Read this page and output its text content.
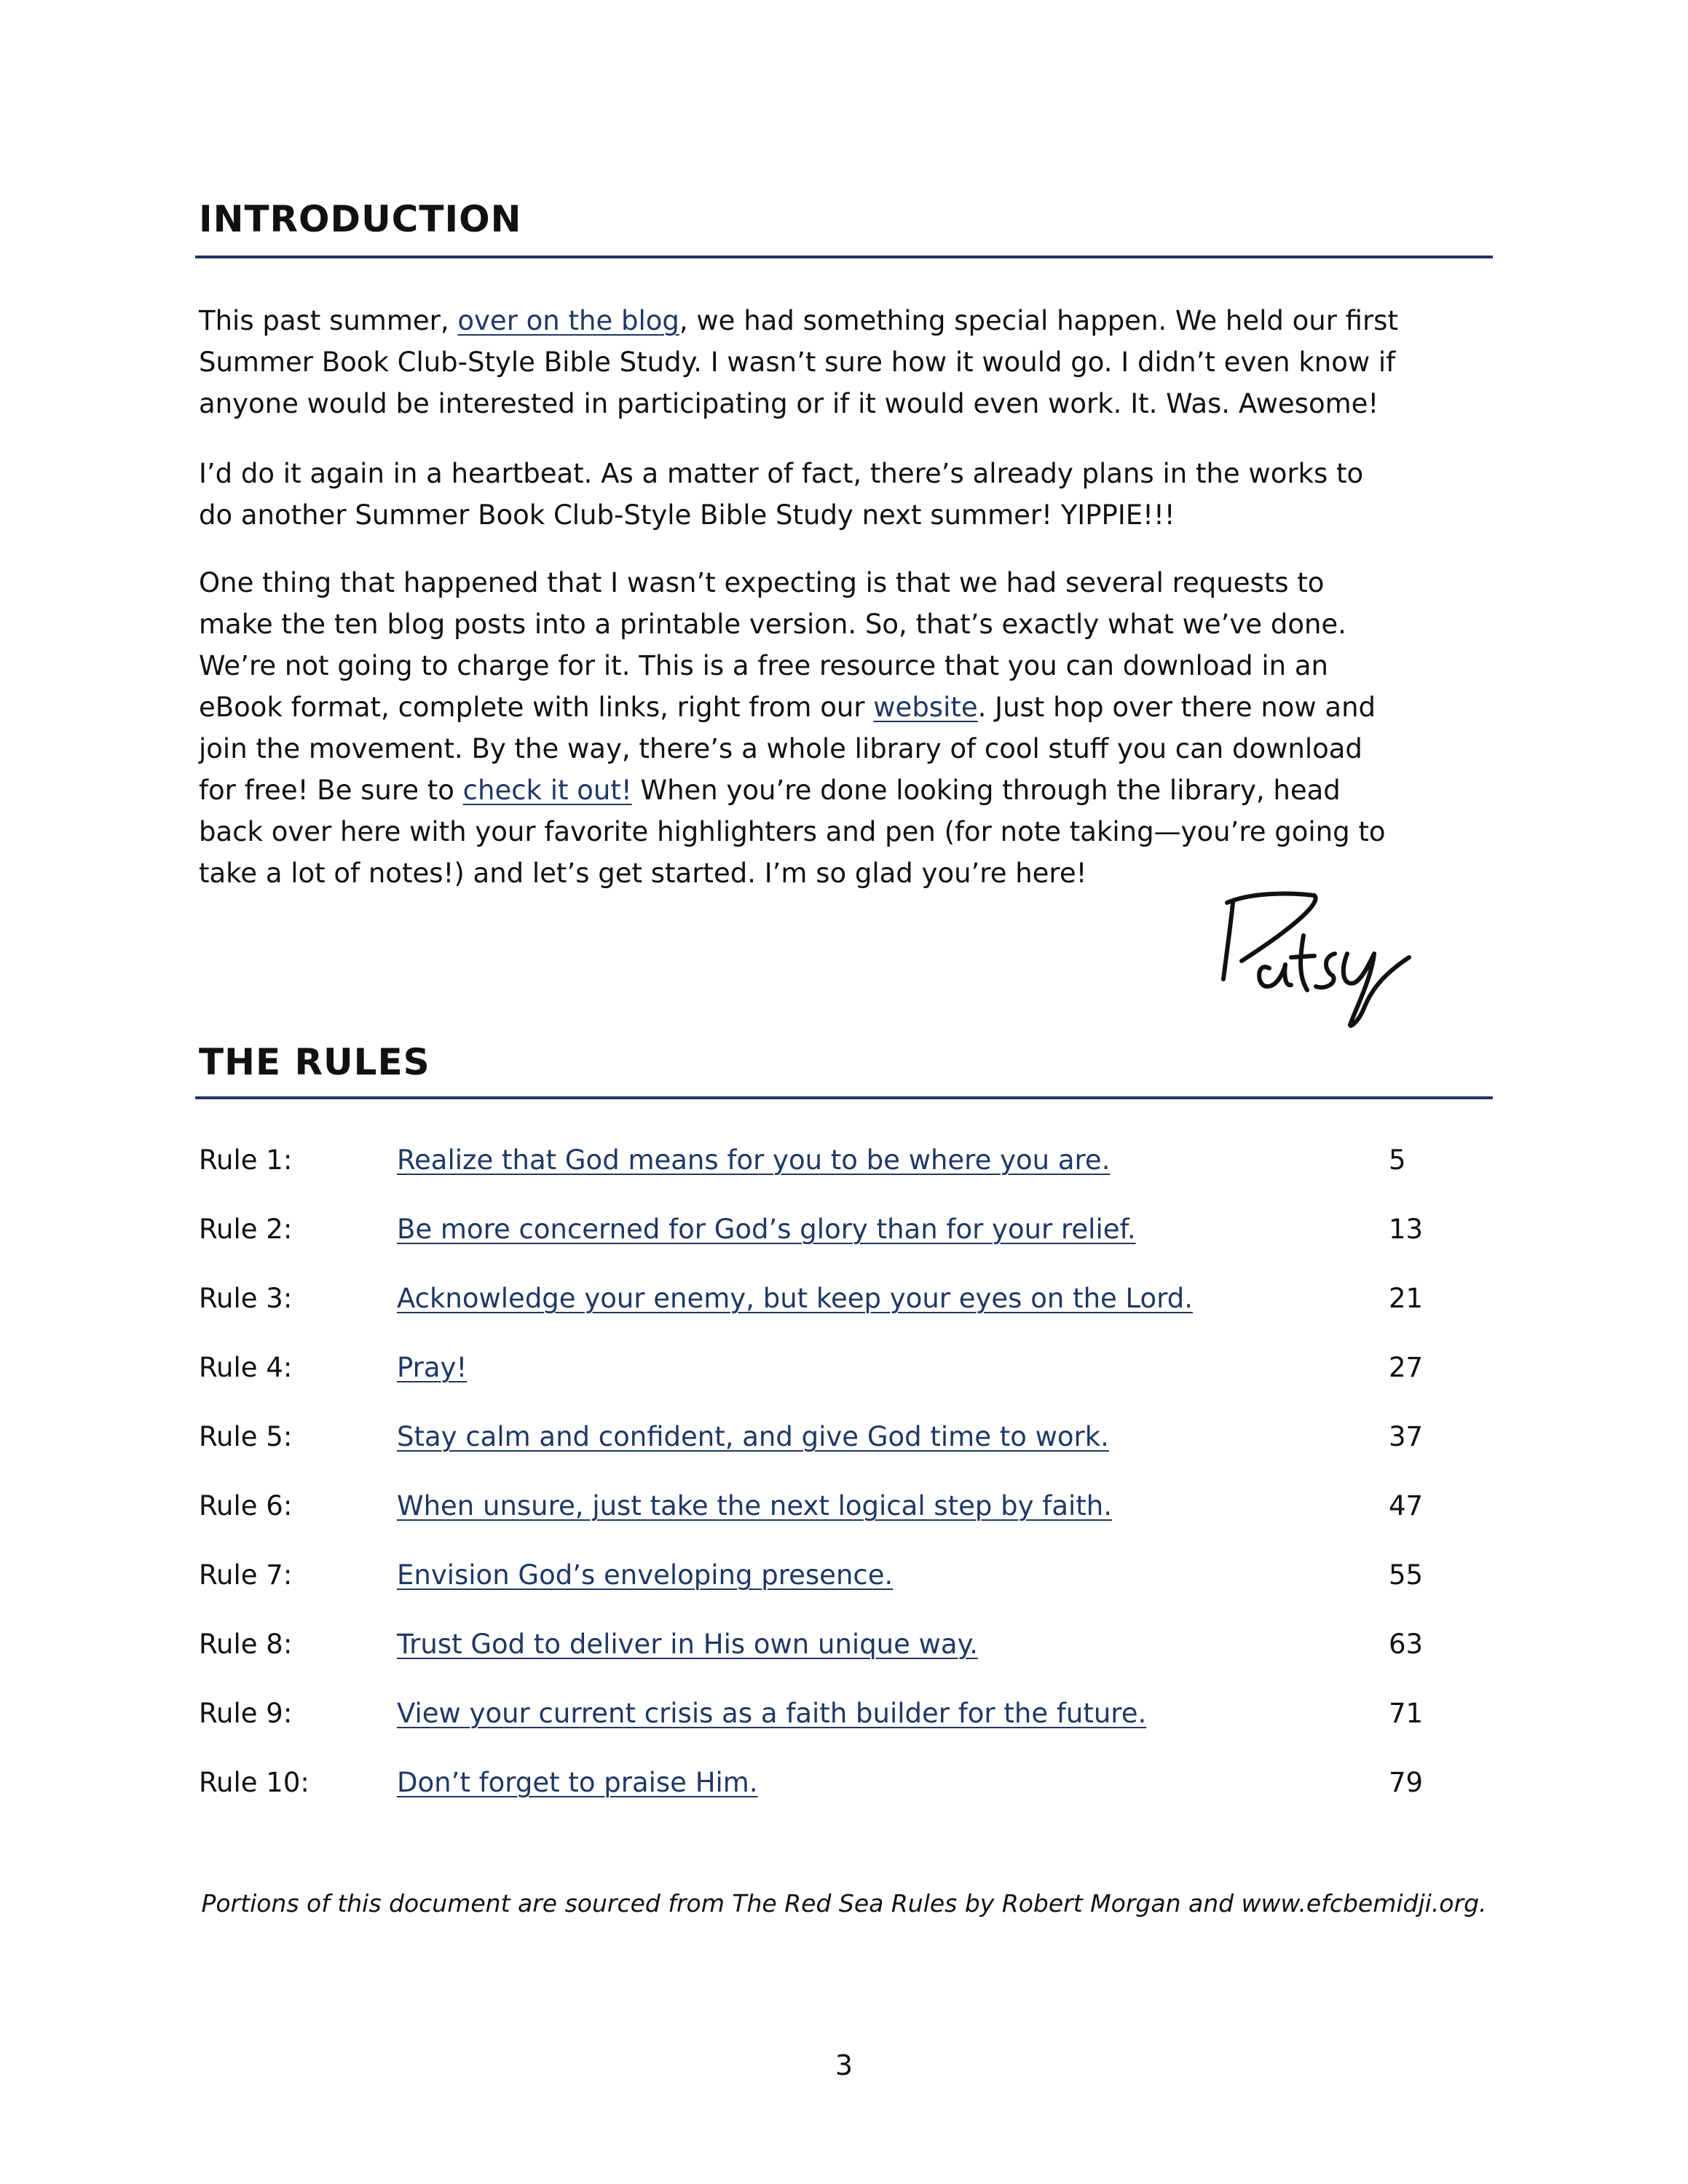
INTRODUCTION
This past summer, over on the blog, we had something special happen. We held our first
Summer Book Club-Style Bible Study. I wasn’t sure how it would go. I didn’t even know if
anyone would be interested in participating or if it would even work. It. Was. Awesome!
I’d do it again in a heartbeat. As a matter of fact, there’s already plans in the works to
do another Summer Book Club-Style Bible Study next summer! YIPPIE!!!
One thing that happened that I wasn’t expecting is that we had several requests to
make the ten blog posts into a printable version. So, that’s exactly what we’ve done.
We’re not going to charge for it. This is a free resource that you can download in an
eBook format, complete with links, right from our website. Just hop over there now and
join the movement. By the way, there’s a whole library of cool stuff you can download
for free! Be sure to check it out! When you’re done looking through the library, head
back over here with your favorite highlighters and pen (for note taking—you’re going to
take a lot of notes!) and let’s get started. I’m so glad you’re here!
THE RULES
Rule 1:	Realize that God means for you to be where you are.	5
Rule 2:	Be more concerned for God’s glory than for your relief.	13
Rule 3:	Acknowledge your enemy, but keep your eyes on the Lord.	21
Rule 4:	Pray!	27
Rule 5:	Stay calm and confident, and give God time to work.	37
Rule 6:	When unsure, just take the next logical step by faith.	47
Rule 7:	Envision God’s enveloping presence.	55
Rule 8:	Trust God to deliver in His own unique way.	63
Rule 9:	View your current crisis as a faith builder for the future.	71
Rule 10:	Don’t forget to praise Him.	79
Portions of this document are sourced from The Red Sea Rules by Robert Morgan and www.efcbemidji.org.
3
